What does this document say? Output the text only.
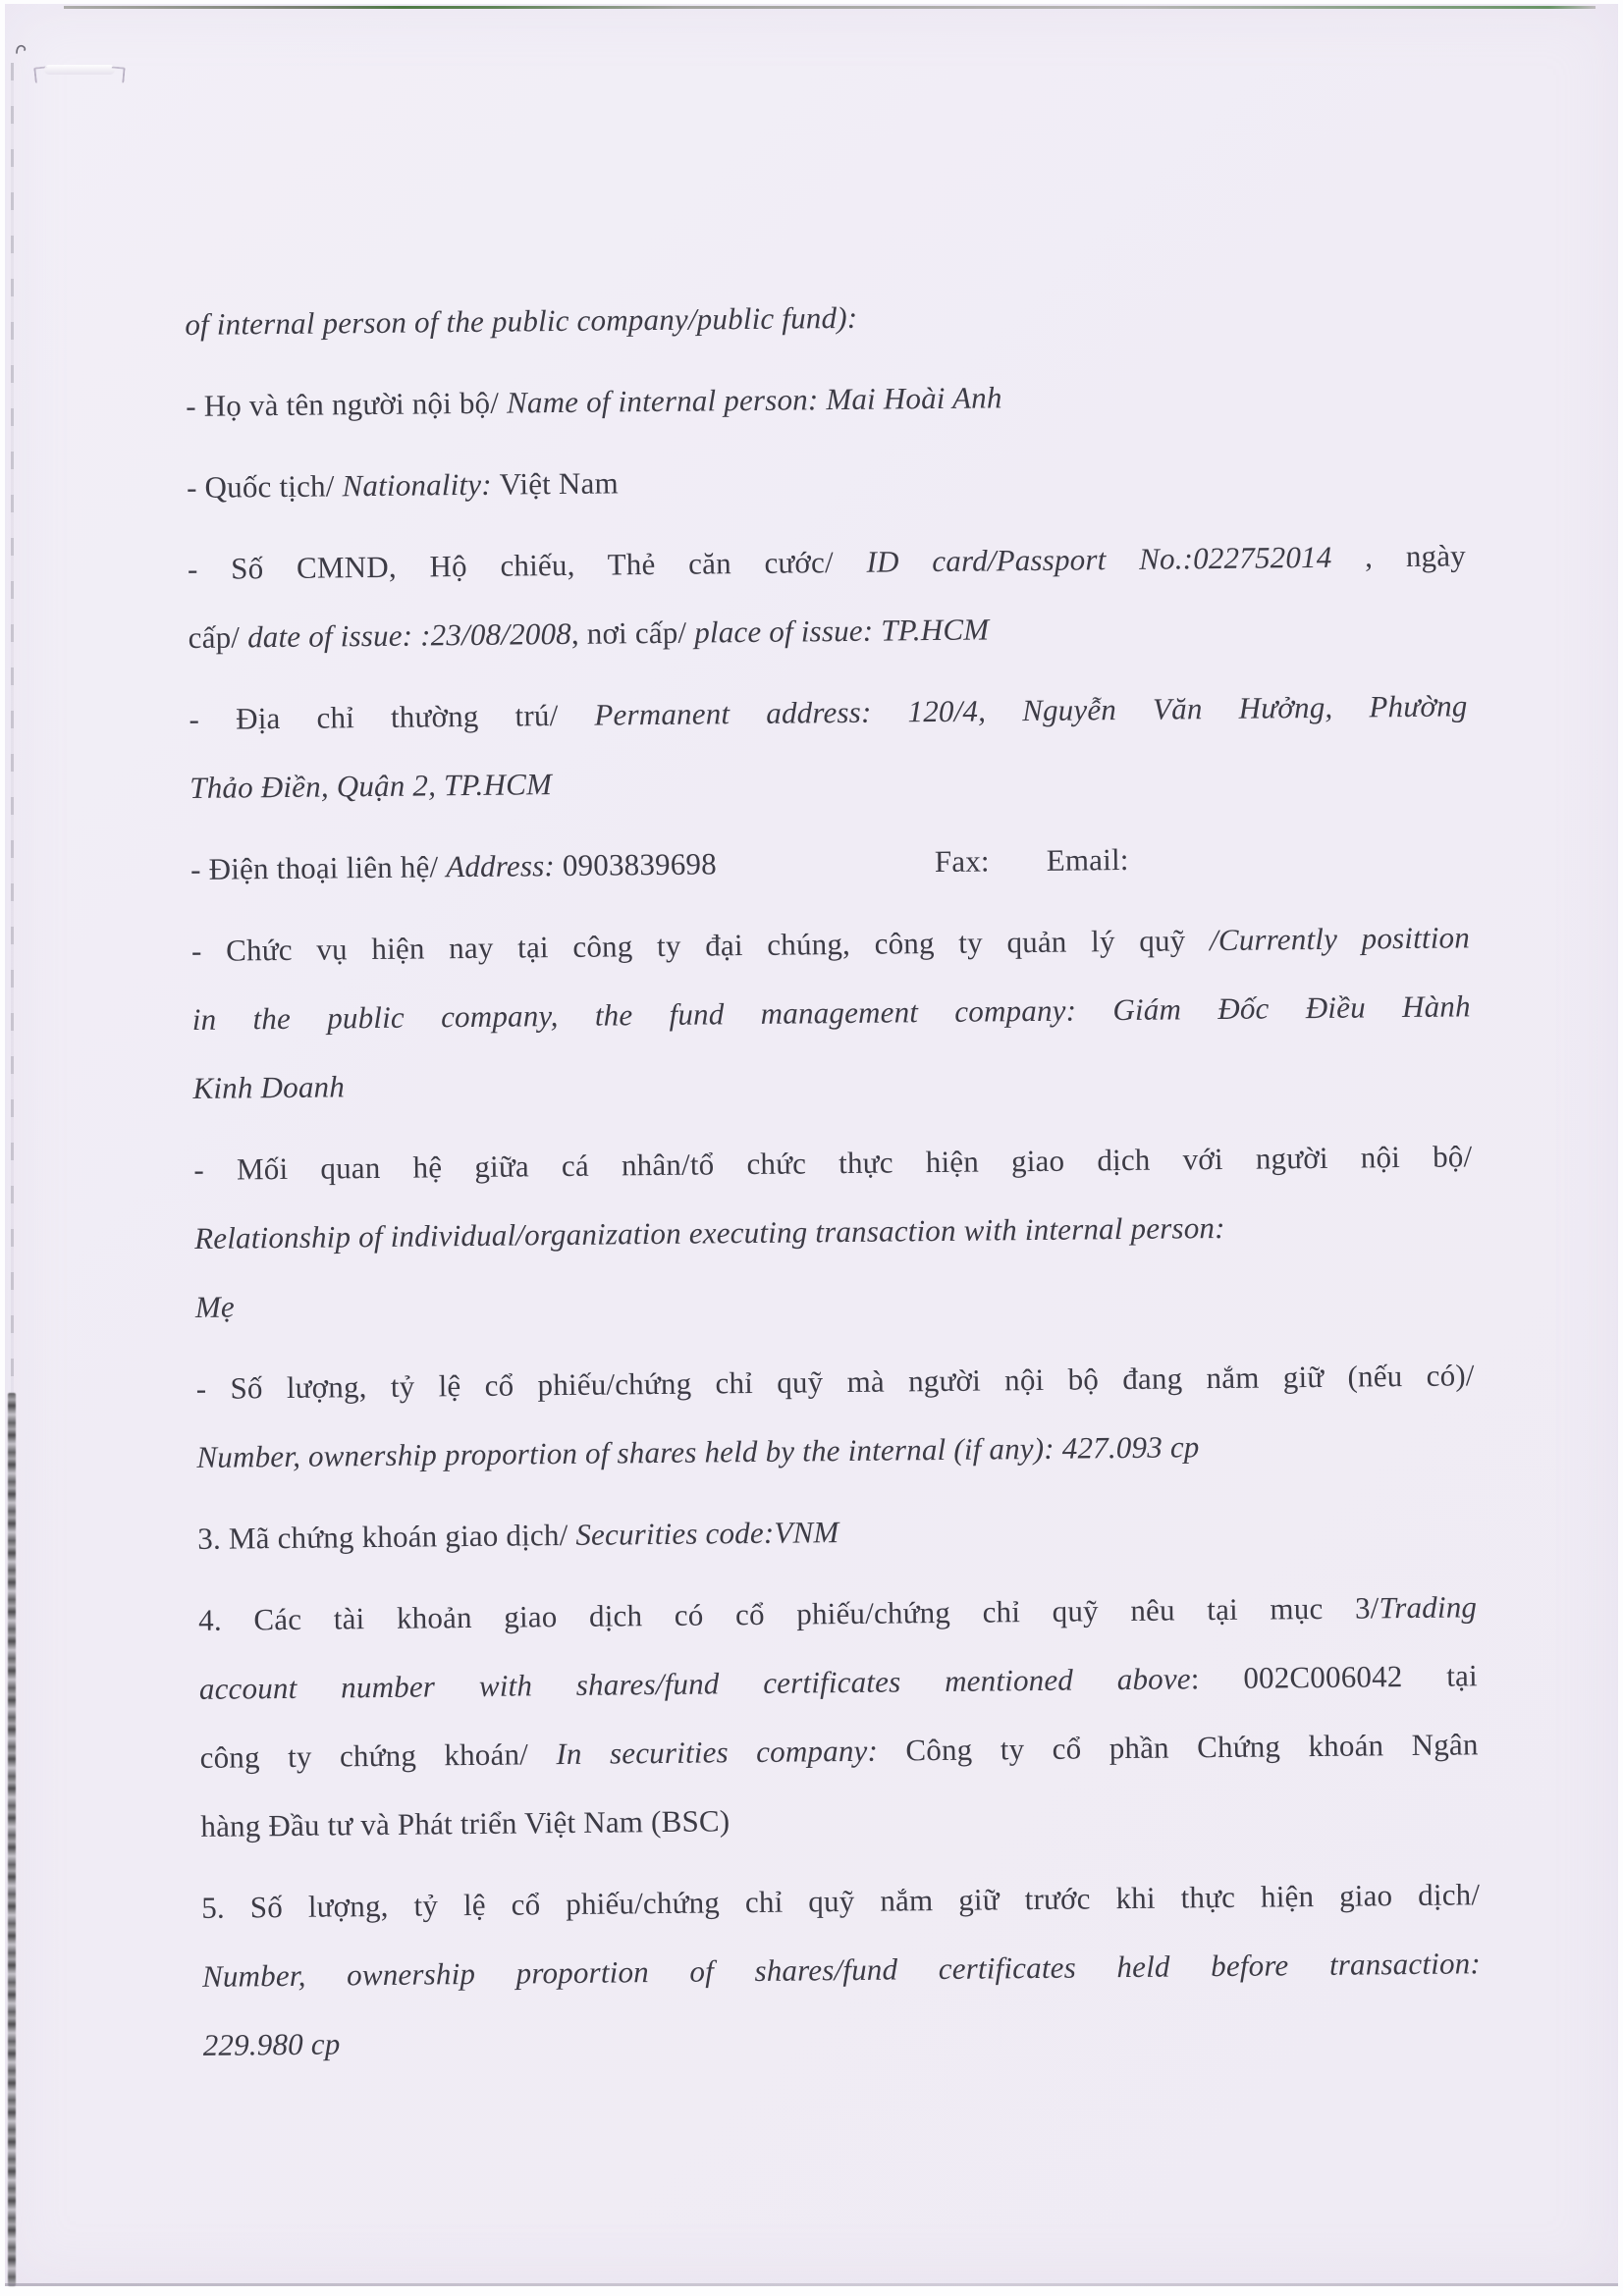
of internal person of the public company/public fund):
- Họ và tên người nội bộ/ Name of internal person: Mai Hoài Anh
- Quốc tịch/ Nationality: Việt Nam
- Số CMND, Hộ chiếu, Thẻ căn cước/ ID card/Passport No.:022752014 , ngày
cấp/ date of issue: :23/08/2008, nơi cấp/ place of issue: TP.HCM
- Địa chỉ thường trú/ Permanent address: 120/4, Nguyễn Văn Hưởng, Phường
Thảo Điền, Quận 2, TP.HCM
- Điện thoại liên hệ/ Address: 0903839698	Fax: Email:
- Chức vụ hiện nay tại công ty đại chúng, công ty quản lý quỹ /Currently posittion
in the public company, the fund management company: Giám Đốc Điều Hành
Kinh Doanh
- Mối quan hệ giữa cá nhân/tổ chức thực hiện giao dịch với người nội bộ/
Relationship of individual/organization executing transaction with internal person:
Mẹ
- Số lượng, tỷ lệ cổ phiếu/chứng chỉ quỹ mà người nội bộ đang nắm giữ (nếu có)/
Number, ownership proportion of shares held by the internal (if any): 427.093 cp
3. Mã chứng khoán giao dịch/ Securities code:VNM
4. Các tài khoản giao dịch có cổ phiếu/chứng chỉ quỹ nêu tại mục 3/Trading
account number with shares/fund certificates mentioned above: 002C006042 tại
công ty chứng khoán/ In securities company: Công ty cổ phần Chứng khoán Ngân
hàng Đầu tư và Phát triển Việt Nam (BSC)
5. Số lượng, tỷ lệ cổ phiếu/chứng chỉ quỹ nắm giữ trước khi thực hiện giao dịch/
Number, ownership proportion of shares/fund certificates held before transaction:
229.980 cp
